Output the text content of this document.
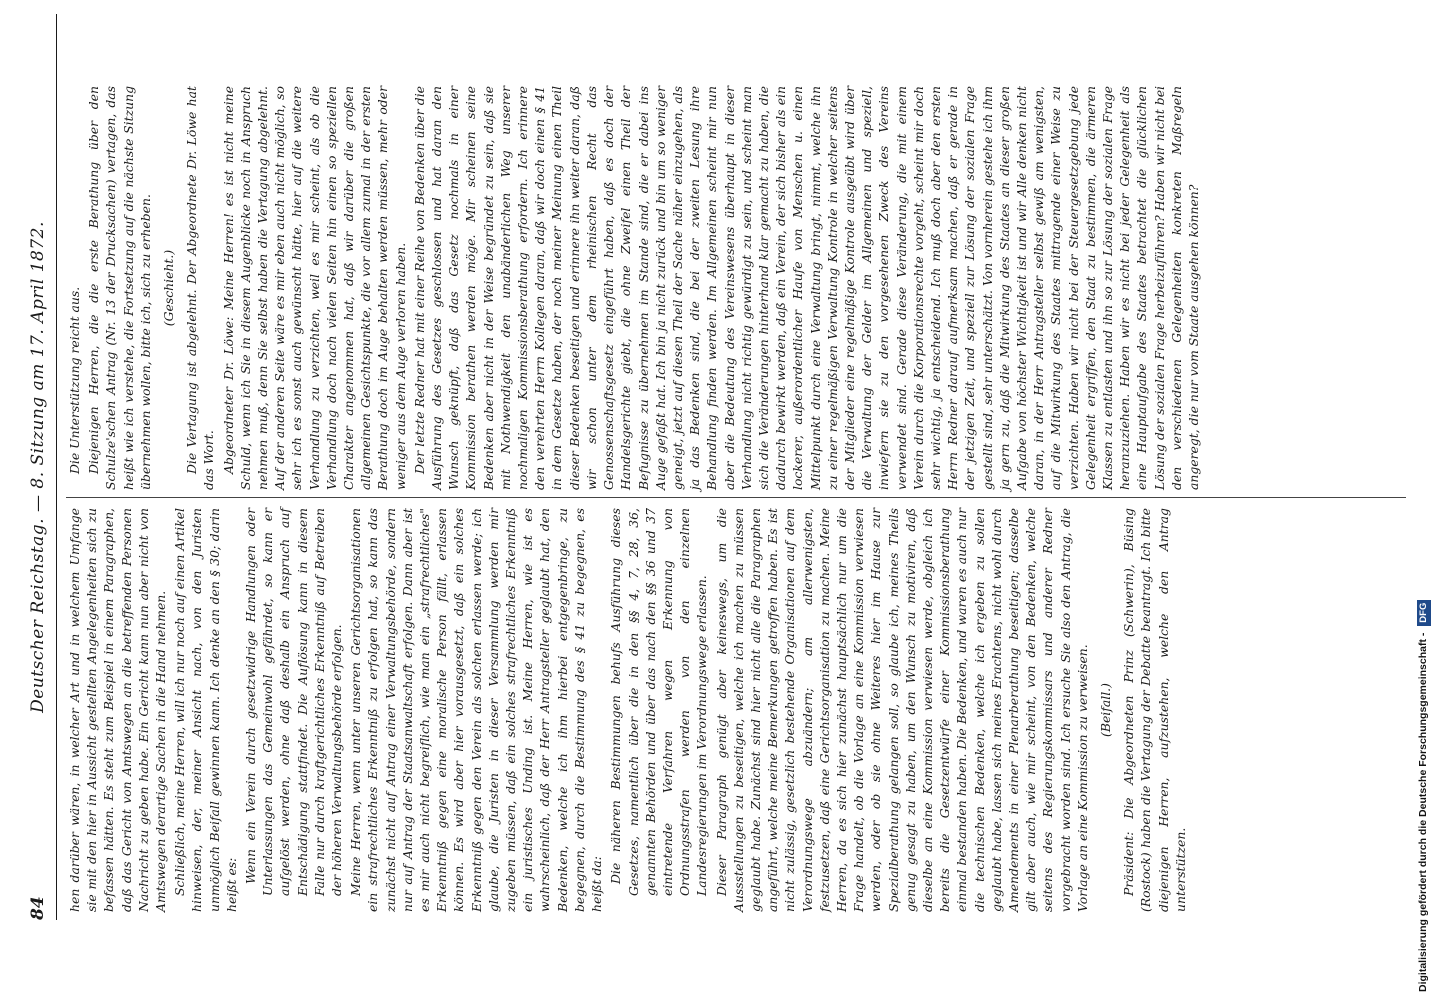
84
Deutscher Reichstag. — 8. Sitzung am 17. April 1872. hen darüber wären, in welcher Art und in welchem Umfange sie mit den hier in Aussicht gestellten Angelegenheiten sich zu befassen hätten. Es steht zum Beispiel in einem Paragraphen, daß das Gericht von Amtswegen an die betreffenden Personen Nachricht zu geben habe. Ein Gericht kann nun aber nicht von Amtswegen derartige Sachen in die Hand nehmen. Schließlich, meine Herren, will ich nur noch auf einen Artikel hinweisen, der, meiner Ansicht nach, von den Juristen unmöglich Beifall gewinnen kann. Ich denke an den § 30; darin heißt es:

Wenn ein Verein durch gesetzwidrige Handlungen oder Unterlassungen das Gemeinwohl gefährdet, so kann er aufgelöst werden, ohne daß deshalb ein Anspruch auf Entschädigung stattfindet. Die Auflösung kann in diesem Falle nur durch kraftgerichtliches Erkenntniß auf Betreiben der höheren Verwaltungsbehörde erfolgen. Meine Herren, wenn unter unseren Gerichtsorganisationen ein strafrechtliches Erkenntniß zu erfolgen hat, so kann das zunächst nicht auf Antrag einer Verwaltungsbehörde, sondern nur auf Antrag der Staatsanwaltschaft erfolgen. Dann aber ist es mir auch nicht begreiflich, wie man ein „strafrechtliches" Erkenntniß gegen eine moralische Person fällt, erlassen können. Es wird aber hier vorausgesetzt, daß ein solches Erkenntniß gegen den Verein als solchen erlassen werde; ich glaube, die Juristen in dieser Versammlung werden mir zugeben müssen, daß ein solches strafrechtliches Erkenntniß ein juristisches Unding ist. Meine Herren, wie ist es wahrscheinlich, daß der Herr Antragsteller geglaubt hat, den Bedenken, welche ich ihm hierbei entgegenbringe, zu begegnen, durch die Bestimmung des § 41 zu begegnen, es heißt da:

Die näheren Bestimmungen behufs Ausführung dieses Gesetzes, namentlich über die in den §§ 4, 7, 28, 36, genannten Behörden und über das nach den §§ 36 und 37 eintretende Verfahren wegen Erkennung von Ordnungsstrafen werden von den einzelnen Landesregierungen im Verordnungswege erlassen. Dieser Paragraph genügt aber keineswegs, um die Aussstellungen zu beseitigen, welche ich machen zu müssen geglaubt habe. Zunächst sind hier nicht alle die Paragraphen angeführt, welche meine Bemerkungen getroffen haben. Es ist nicht zulässig, gesetzlich bestehende Organisationen auf dem Verordnungswege abzuändern; am allerwenigsten, festzusetzen, daß eine Gerichtsorganisation zu machen. Meine Herren, da es sich hier zunächst hauptsächlich nur um die Frage handelt, ob die Vorlage an eine Kommission verwiesen werden, oder ob sie ohne Weiteres hier im Hause zur Spezialberathung gelangen soll, so glaube ich, meines Theils genug gesagt zu haben, um den Wunsch zu motiviren, daß dieselbe an eine Kommission verwiesen werde, obgleich ich bereits die Gesetzentwürfe einer Kommissionsberathung einmal bestanden haben. Die Bedenken, und waren es auch nur die technischen Bedenken, welche ich ergeben zu sollen geglaubt habe, lassen sich meines Erachtens, nicht wohl durch Amendements in einer Plenarberathung beseitigen; dasselbe gilt aber auch, wie mir scheint, von den Bedenken, welche seitens des Regierungskommissars und anderer Redner vorgebracht worden sind. Ich ersuche Sie also den Antrag, die Vorlage an eine Kommission zu verweisen. (Beifall.) Präsident: Die Abgeordneten Prinz (Schwerin), Büsing (Rostock) haben die Vertagung der Debatte beantragt. Ich bitte diejenigen Herren, aufzustehen, welche den Antrag unterstützen.

Die Unterstützung reicht aus. Diejenigen Herren, die die erste Berathung über den Schulze'schen Antrag (Nr. 13 der Drucksachen) vertagen, das heißt wie ich verstehe, die Fortsetzung auf die nächste Sitzung übernehmen wollen, bitte ich, sich zu erheben. (Geschieht.) Die Vertagung ist abgelehnt. Der Abgeordnete Dr. Löwe hat das Wort. Abgeordneter Dr. Löwe: Meine Herren! es ist nicht meine Schuld, wenn ich Sie in diesem Augenblicke noch in Anspruch nehmen muß, denn Sie selbst haben die Vertagung abgelehnt. Auf der anderen Seite wäre es mir eben auch nicht möglich, so sehr ich es sonst auch gewünscht hätte, hier auf die weitere Verhandlung zu verzichten, weil es mir scheint, als ob die Verhandlung doch nach vielen Seiten hin einen so speziellen Charakter angenommen hat, daß wir darüber die großen allgemeinen Gesichtspunkte, die vor allem zumal in der ersten Berathung doch im Auge behalten werden müssen, mehr oder weniger aus dem Auge verloren haben. Der letzte Redner hat mit einer Reihe von Bedenken über die Ausführung des Gesetzes geschlossen und hat daran den Wunsch geknüpft, daß das Gesetz nochmals in einer Kommission berathen werden möge. Mir scheinen seine Bedenken aber nicht in der Weise begründet zu sein, daß sie mit Nothwendigkeit den unabänderlichen Weg unserer nochmaligen Kommissionsberathung erfordern. Ich erinnere den verehrten Herrn Kollegen daran, daß wir doch einen § 41 in dem Gesetze haben, der noch meiner Meinung einen Theil dieser Bedenken beseitigen und erinnere ihn weiter daran, daß wir schon unter dem rheinischen Recht das Genossenschaftsgesetz eingeführt haben, daß es doch der Handelsgerichte giebt, die ohne Zweifel einen Theil der Befugnisse zu übernehmen im Stande sind, die er dabei ins Auge gefaßt hat. Ich bin ja nicht zurück und bin um so weniger geneigt, jetzt auf diesen Theil der Sache näher einzugehen, als ja das Bedenken sind, die bei der zweiten Lesung ihre Behandlung finden werden. Im Allgemeinen scheint mir nun aber die Bedeutung des Vereinswesens überhaupt in dieser Verhandlung nicht richtig gewürdigt zu sein, und scheint man sich die Veränderungen hinterhand klar gemacht zu haben, die dadurch bewirkt werden, daß ein Verein, der sich bisher als ein lockerer, außerordentlicher Haufe von Menschen u. einen Mittelpunkt durch eine Verwaltung bringt, nimmt, welche ihn zu einer regelmäßigen Verwaltung Kontrole in welcher seitens der Mitglieder eine regelmäßige Kontrole ausgeübt wird über die Verwaltung der Gelder im Allgemeinen und speziell, inwiefern sie zu den vorgesehenen Zweck des Vereins verwendet sind. Gerade diese Veränderung, die mit einem Verein durch die Korporationsrechte vorgeht, scheint mir doch sehr wichtig, ja entscheidend. Ich muß doch aber den ersten Herrn Redner darauf aufmerksam machen, daß er gerade in der jetzigen Zeit, und speziell zur Lösung der sozialen Frage gestellt sind, sehr unterschätzt. Von vornherein gestehe ich ihm ja gern zu, daß die Mitwirkung des Staates an dieser großen Aufgabe von höchster Wichtigkeit ist und wir Alle denken nicht daran, in der Herr Antragsteller selbst gewiß am wenigsten, auf die Mitwirkung des Staates mittragende einer Weise zu verzichten. Haben wir nicht bei der Steuergesetzgebung jede Gelegenheit ergriffen, den Staat zu bestimmen, die ärmeren Klassen zu entlasten und ihn so zur Lösung der sozialen Frage heranzuziehen. Haben wir es nicht bei jeder Gelegenheit als eine Hauptaufgabe des Staates betrachtet die glücklichen Lösung der sozialen Frage herbeizuführen? Haben wir nicht bei den verschiedenen Gelegenheiten konkreten Maßregeln angeregt, die nur vom Staate ausgehen können?

Digitalisierung gefördert durch die Deutsche Forschungsgemeinschaft - DFG
